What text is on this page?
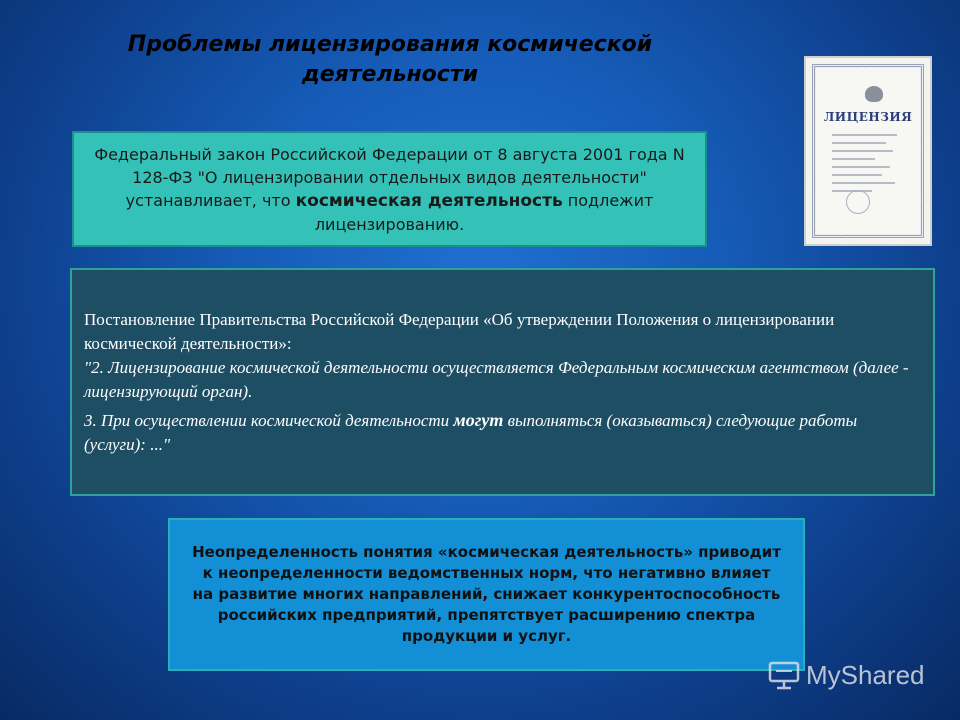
Проблемы лицензирования космической деятельности
ЛИЦЕНЗИЯ
Федеральный закон Российской Федерации от 8 августа 2001 года N 128-ФЗ "О лицензировании отдельных видов деятельности" устанавливает, что космическая деятельность подлежит лицензированию.

Постановление Правительства Российской Федерации «Об утверждении Положения о лицензировании космической деятельности»:

"2. Лицензирование космической деятельности осуществляется Федеральным космическим агентством (далее - лицензирующий орган).

3. При осуществлении космической деятельности могут выполняться (оказываться) следующие работы (услуги): ..."

Неопределенность понятия «космическая деятельность» приводит к неопределенности ведомственных норм, что негативно влияет на развитие многих направлений, снижает конкурентоспособность российских предприятий, препятствует расширению спектра продукции и услуг.
MyShared
